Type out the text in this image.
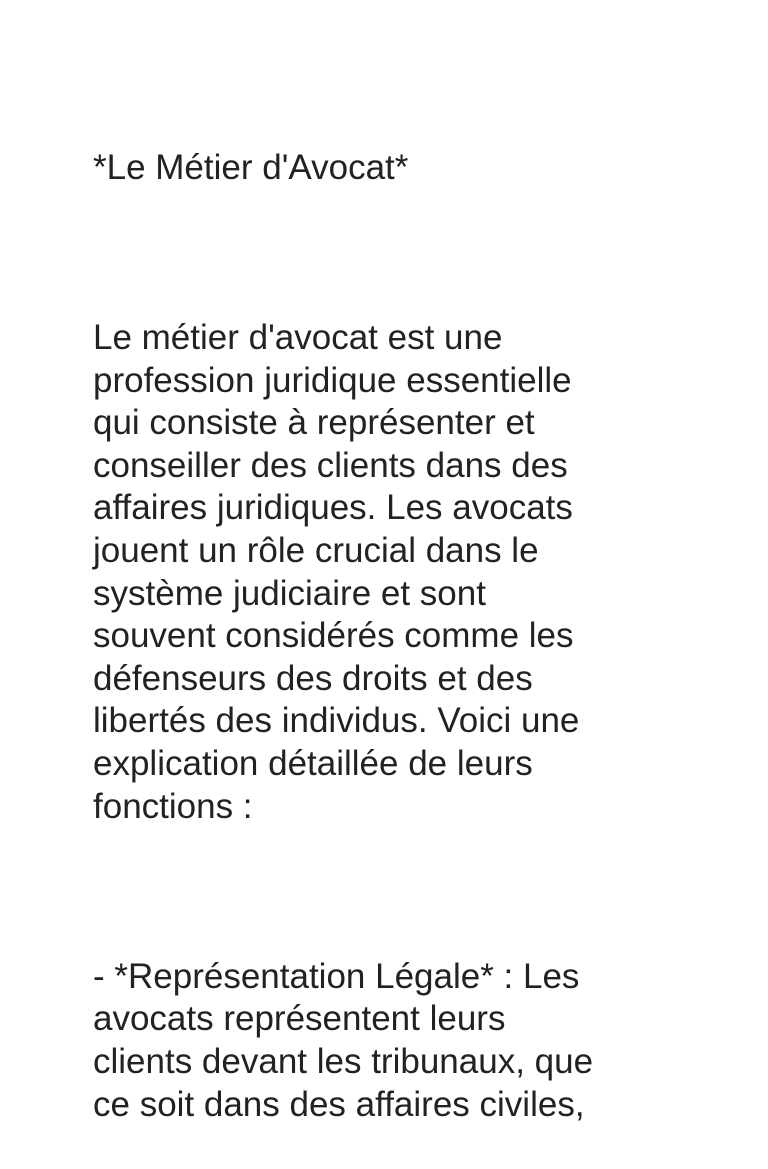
*Le Métier d'Avocat*

Le métier d'avocat est une
profession juridique essentielle
qui consiste à représenter et
conseiller des clients dans des
affaires juridiques. Les avocats
jouent un rôle crucial dans le
système judiciaire et sont
souvent considérés comme les
défenseurs des droits et des
libertés des individus. Voici une
explication détaillée de leurs
fonctions :

- *Représentation Légale* : Les
avocats représentent leurs
clients devant les tribunaux, que
ce soit dans des affaires civiles,
